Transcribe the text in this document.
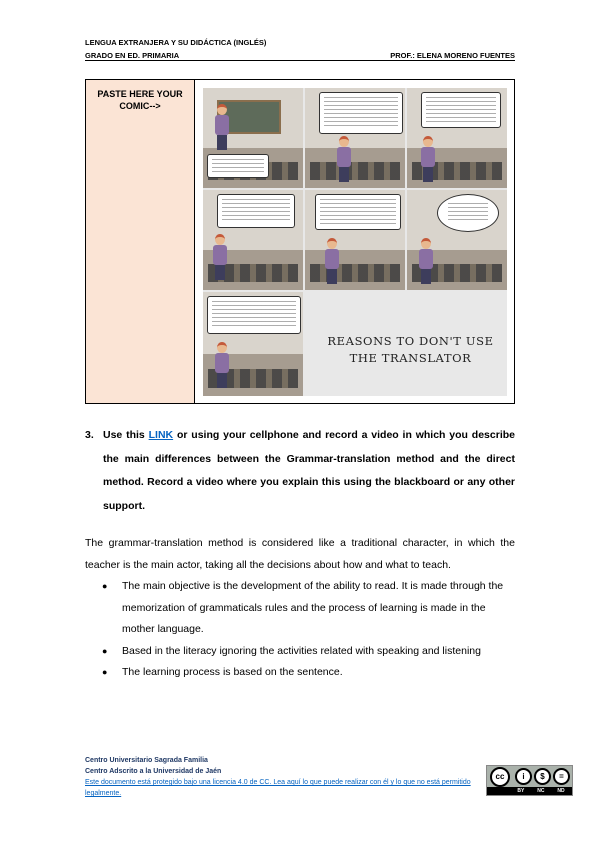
LENGUA EXTRANJERA Y SU DIDÁCTICA (INGLÉS)
GRADO EN ED. PRIMARIA	PROF.: ELENA MORENO FUENTES
PASTE HERE YOUR COMIC-->
REASONS TO DON'T USE THE TRANSLATOR
3. Use this LINK or using your cellphone and record a video in which you describe the main differences between the Grammar-translation method and the direct method. Record a video where you explain this using the blackboard or any other support.
The grammar-translation method is considered like a traditional character, in which the teacher is the main actor, taking all the decisions about how and what to teach.
● The main objective is the development of the ability to read. It is made through the memorization of grammaticals rules and the process of learning is made in the mother language.
● Based in the literacy ignoring the activities related with speaking and listening
● The learning process is based on the sentence.
Centro Universitario Sagrada Familia
Centro Adscrito a la Universidad de Jaén
Este documento está protegido bajo una licencia 4.0 de CC. Lea aquí lo que puede realizar con él y lo que no está permitido legalmente.
cc	i	$	=
BY	NC	ND
